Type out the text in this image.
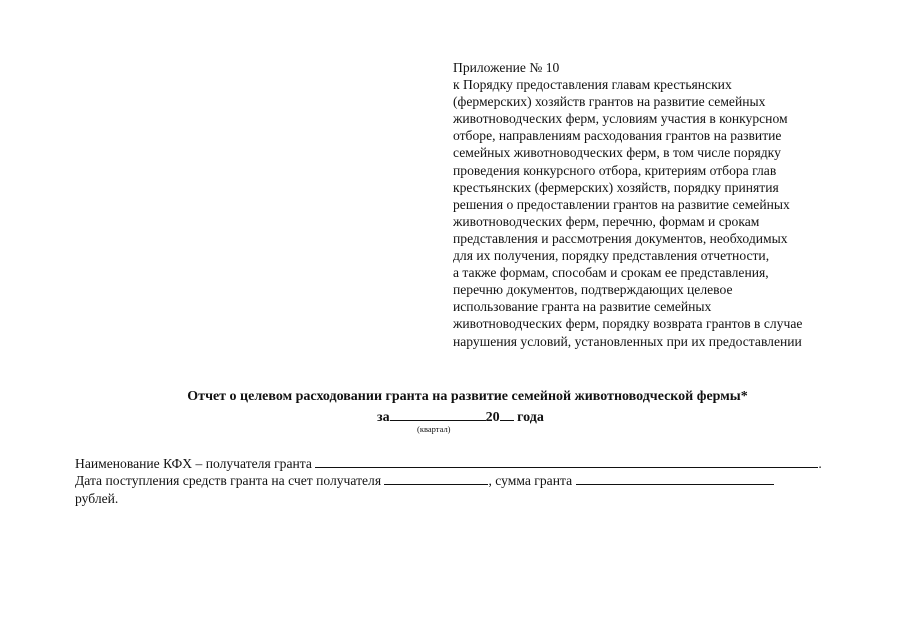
Приложение № 10
к Порядку предоставления главам крестьянских
(фермерских) хозяйств грантов на развитие семейных
животноводческих ферм, условиям участия в конкурсном
отборе, направлениям расходования грантов на развитие
семейных животноводческих ферм, в том числе порядку
проведения конкурсного отбора, критериям отбора глав
крестьянских (фермерских) хозяйств, порядку принятия
решения о предоставлении грантов на развитие семейных
животноводческих ферм, перечню, формам и срокам
представления и рассмотрения документов, необходимых
для их получения, порядку представления отчетности,
а также формам, способам и срокам ее представления,
перечню документов, подтверждающих целевое
использование гранта на развитие семейных
животноводческих ферм, порядку возврата грантов в случае
нарушения условий, установленных при их предоставлении
Отчет о целевом расходовании гранта на развитие семейной животноводческой фермы*
за	20 года
(квартал)
Наименование КФХ – получателя гранта	.
Дата поступления средств гранта на счет получателя	, сумма гранта
рублей.
